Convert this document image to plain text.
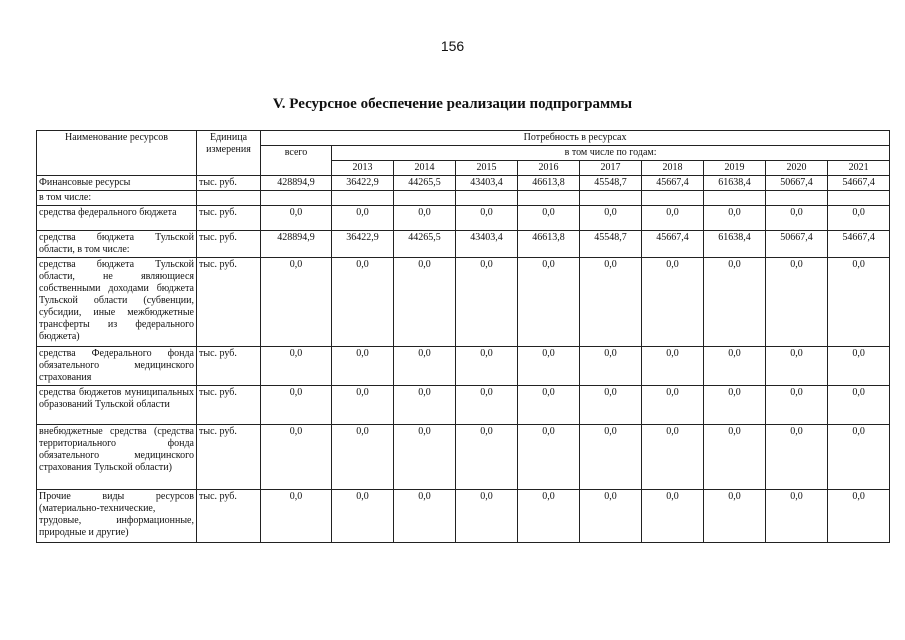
156
V. Ресурсное обеспечение реализации подпрограммы
Наименование ресурсов	Единица измерения	Потребность в ресурсах									
		всего	в том числе по годам:								
			2013	2014	2015	2016	2017	2018	2019	2020	2021
Финансовые ресурсы	тыс. руб.	428894,9	36422,9	44265,5	43403,4	46613,8	45548,7	45667,4	61638,4	50667,4	54667,4
в том числе:											
средства федерального бюджета	тыс. руб.	0,0	0,0	0,0	0,0	0,0	0,0	0,0	0,0	0,0	0,0
средства бюджета Тульской области, в том числе:	тыс. руб.	428894,9	36422,9	44265,5	43403,4	46613,8	45548,7	45667,4	61638,4	50667,4	54667,4
средства бюджета Тульской области, не являющиеся собственными доходами бюджета Тульской области (субвенции, субсидии, иные межбюджетные трансферты из федерального бюджета)	тыс. руб.	0,0	0,0	0,0	0,0	0,0	0,0	0,0	0,0	0,0	0,0
средства Федерального фонда обязательного медицинского страхования	тыс. руб.	0,0	0,0	0,0	0,0	0,0	0,0	0,0	0,0	0,0	0,0
средства бюджетов муниципальных образований Тульской области	тыс. руб.	0,0	0,0	0,0	0,0	0,0	0,0	0,0	0,0	0,0	0,0
внебюджетные средства (средства территориального фонда обязательного медицинского страхования Тульской области)	тыс. руб.	0,0	0,0	0,0	0,0	0,0	0,0	0,0	0,0	0,0	0,0
Прочие виды ресурсов (материально-технические, трудовые, информационные, природные и другие)	тыс. руб.	0,0	0,0	0,0	0,0	0,0	0,0	0,0	0,0	0,0	0,0
